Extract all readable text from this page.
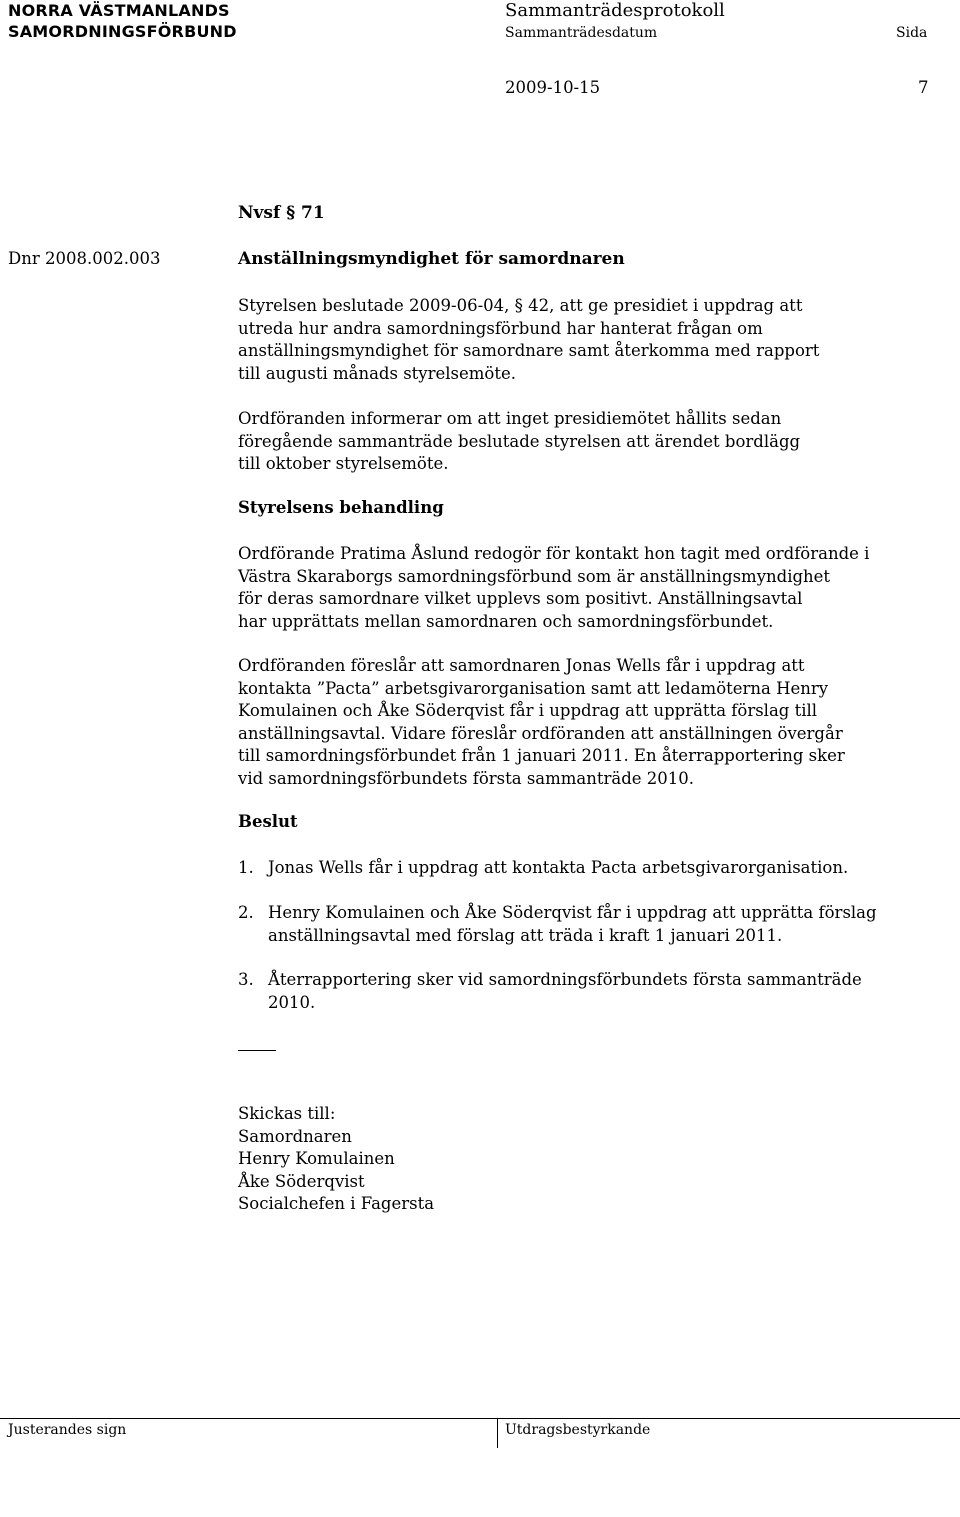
NORRA VÄSTMANLANDS
SAMORDNINGSFÖRBUND
Sammanträdesprotokoll
Sammanträdesdatum	Sida
2009-10-15	7
Nvsf § 71
Dnr 2008.002.003	Anställningsmyndighet för samordnaren
Styrelsen beslutade 2009-06-04, § 42, att ge presidiet i uppdrag att
utreda hur andra samordningsförbund har hanterat frågan om
anställningsmyndighet för samordnare samt återkomma med rapport
till augusti månads styrelsemöte.
Ordföranden informerar om att inget presidiemötet hållits sedan
föregående sammanträde beslutade styrelsen att ärendet bordlägg
till oktober styrelsemöte.
Styrelsens behandling
Ordförande Pratima Åslund redogör för kontakt hon tagit med ordförande i
Västra Skaraborgs samordningsförbund som är anställningsmyndighet
för deras samordnare vilket upplevs som positivt. Anställningsavtal
har upprättats mellan samordnaren och samordningsförbundet.
Ordföranden föreslår att samordnaren Jonas Wells får i uppdrag att
kontakta ”Pacta” arbetsgivarorganisation samt att ledamöterna Henry
Komulainen och Åke Söderqvist får i uppdrag att upprätta förslag till
anställningsavtal. Vidare föreslår ordföranden att anställningen övergår
till samordningsförbundet från 1 januari 2011. En återrapportering sker
vid samordningsförbundets första sammanträde 2010.
Beslut
1. Jonas Wells får i uppdrag att kontakta Pacta arbetsgivarorganisation.
2. Henry Komulainen och Åke Söderqvist får i uppdrag att upprätta förslag
anställningsavtal med förslag att träda i kraft 1 januari 2011.
3. Återrapportering sker vid samordningsförbundets första sammanträde
2010.
Skickas till:
Samordnaren
Henry Komulainen
Åke Söderqvist
Socialchefen i Fagersta
Justerandes sign	Utdragsbestyrkande
